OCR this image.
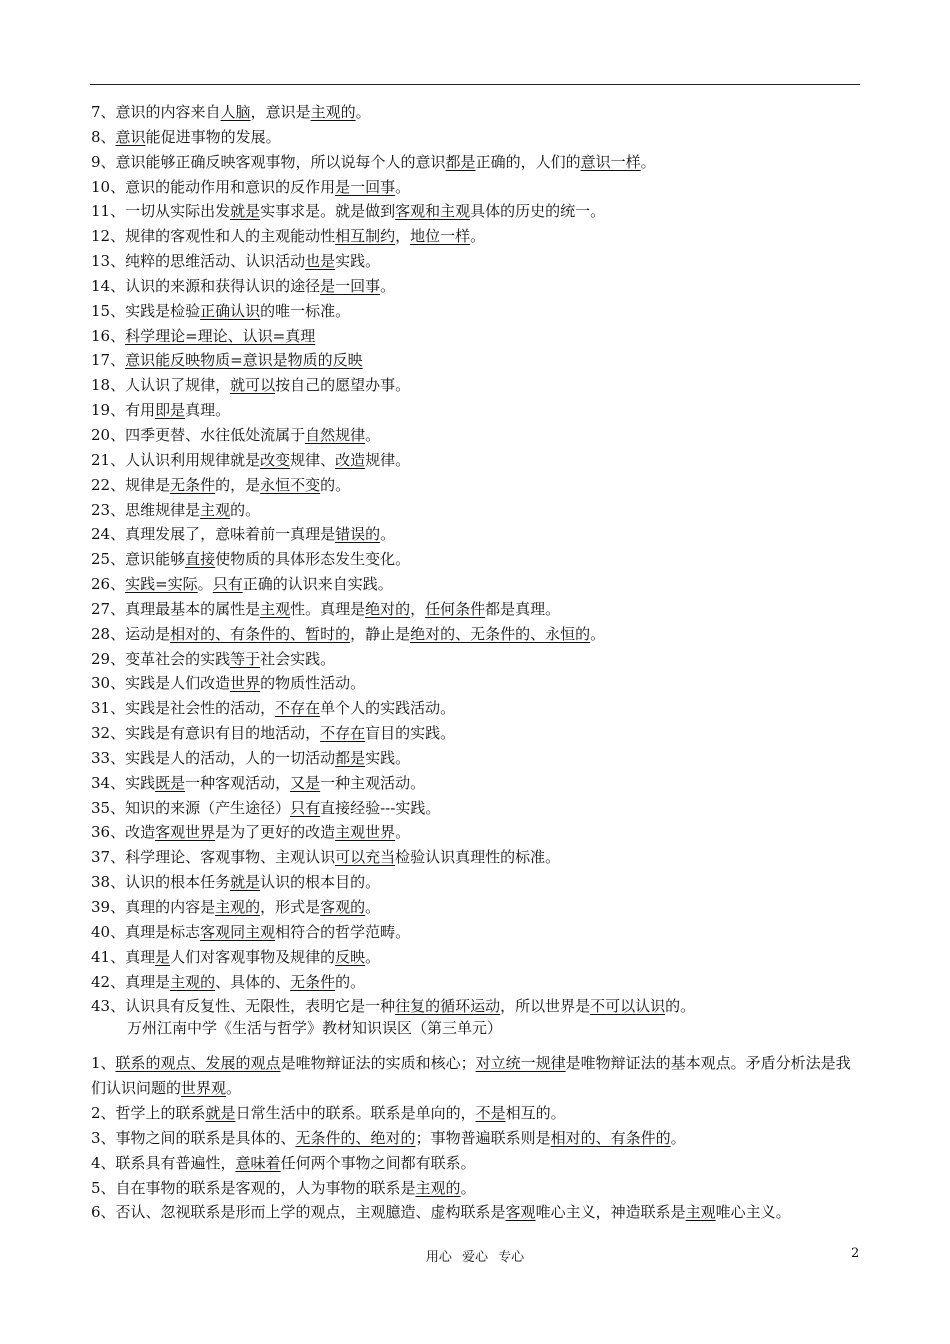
7、意识的内容来自人脑，意识是主观的。
8、意识能促进事物的发展。
9、意识能够正确反映客观事物，所以说每个人的意识都是正确的，人们的意识一样。
10、意识的能动作用和意识的反作用是一回事。
11、一切从实际出发就是实事求是。就是做到客观和主观具体的历史的统一。
12、规律的客观性和人的主观能动性相互制约，地位一样。
13、纯粹的思维活动、认识活动也是实践。
14、认识的来源和获得认识的途径是一回事。
15、实践是检验正确认识的唯一标准。
16、科学理论=理论、认识=真理
17、意识能反映物质=意识是物质的反映
18、人认识了规律，就可以按自己的愿望办事。
19、有用即是真理。
20、四季更替、水往低处流属于自然规律。
21、人认识利用规律就是改变规律、改造规律。
22、规律是无条件的，是永恒不变的。
23、思维规律是主观的。
24、真理发展了，意味着前一真理是错误的。
25、意识能够直接使物质的具体形态发生变化。
26、实践=实际。只有正确的认识来自实践。
27、真理最基本的属性是主观性。真理是绝对的，任何条件都是真理。
28、运动是相对的、有条件的、暂时的，静止是绝对的、无条件的、永恒的。
29、变革社会的实践等于社会实践。
30、实践是人们改造世界的物质性活动。
31、实践是社会性的活动，不存在单个人的实践活动。
32、实践是有意识有目的地活动，不存在盲目的实践。
33、实践是人的活动，人的一切活动都是实践。
34、实践既是一种客观活动，又是一种主观活动。
35、知识的来源（产生途径）只有直接经验---实践。
36、改造客观世界是为了更好的改造主观世界。
37、科学理论、客观事物、主观认识可以充当检验认识真理性的标准。
38、认识的根本任务就是认识的根本目的。
39、真理的内容是主观的，形式是客观的。
40、真理是标志客观同主观相符合的哲学范畴。
41、真理是人们对客观事物及规律的反映。
42、真理是主观的、具体的、无条件的。
43、认识具有反复性、无限性，表明它是一种往复的循环运动，所以世界是不可以认识的。
万州江南中学《生活与哲学》教材知识误区（第三单元）
1、联系的观点、发展的观点是唯物辩证法的实质和核心；对立统一规律是唯物辩证法的基本观点。矛盾分析法是我们认识问题的世界观。
2、哲学上的联系就是日常生活中的联系。联系是单向的，不是相互的。
3、事物之间的联系是具体的、无条件的、绝对的；事物普遍联系则是相对的、有条件的。
4、联系具有普遍性，意味着任何两个事物之间都有联系。
5、自在事物的联系是客观的，人为事物的联系是主观的。
6、否认、忽视联系是形而上学的观点，主观臆造、虚构联系是客观唯心主义，神造联系是主观唯心主义。
用心 爱心 专心	2
